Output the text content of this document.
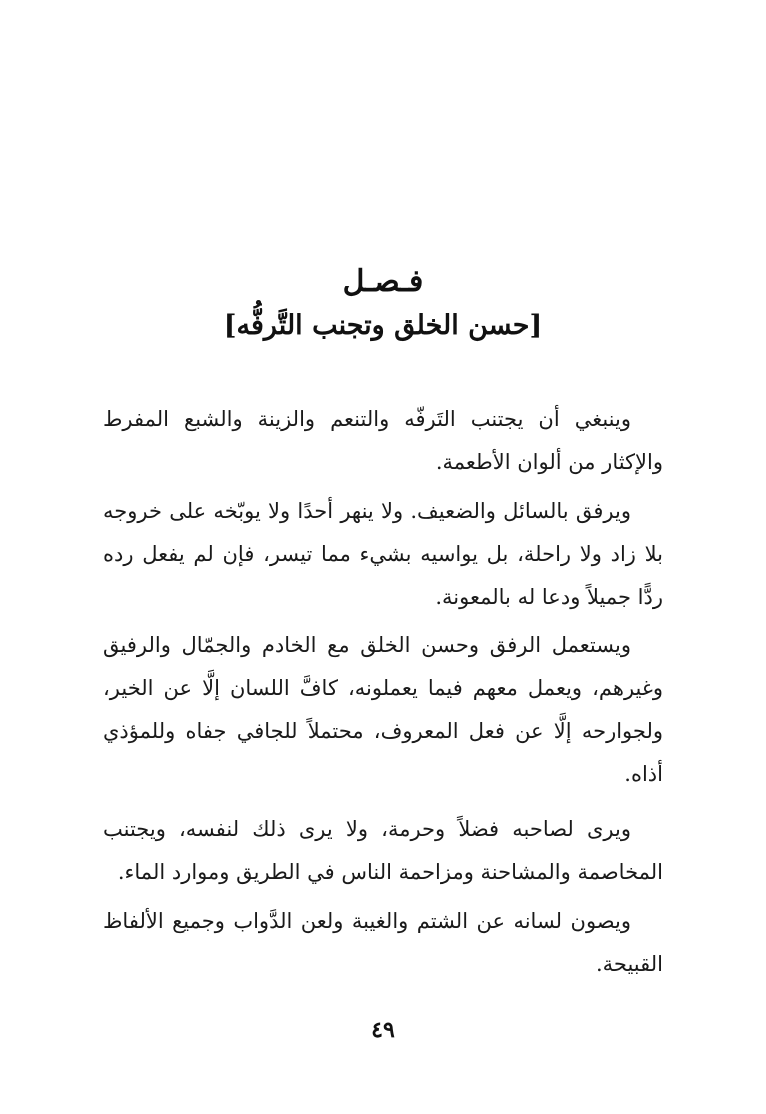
فـصـل
[حسن الخلق وتجنب التَّرفُّه]

وينبغي أن يجتنب التَرفّه والتنعم والزينة والشبع المفرط والإكثار من ألوان الأطعمة.

ويرفق بالسائل والضعيف. ولا ينهر أحدًا ولا يوبّخه على خروجه بلا زاد ولا راحلة، بل يواسيه بشيء مما تيسر، فإن لم يفعل رده ردًّا جميلاً ودعا له بالمعونة.

ويستعمل الرفق وحسن الخلق مع الخادم والجمّال والرفيق وغيرهم، ويعمل معهم فيما يعملونه، كافَّ اللسان إلَّا عن الخير، ولجوارحه إلَّا عن فعل المعروف، محتملاً للجافي جفاه وللمؤذي أذاه.

ويرى لصاحبه فضلاً وحرمة، ولا يرى ذلك لنفسه، ويجتنب المخاصمة والمشاحنة ومزاحمة الناس في الطريق وموارد الماء.

ويصون لسانه عن الشتم والغيبة ولعن الدَّواب وجميع الألفاظ القبيحة.

٤٩
